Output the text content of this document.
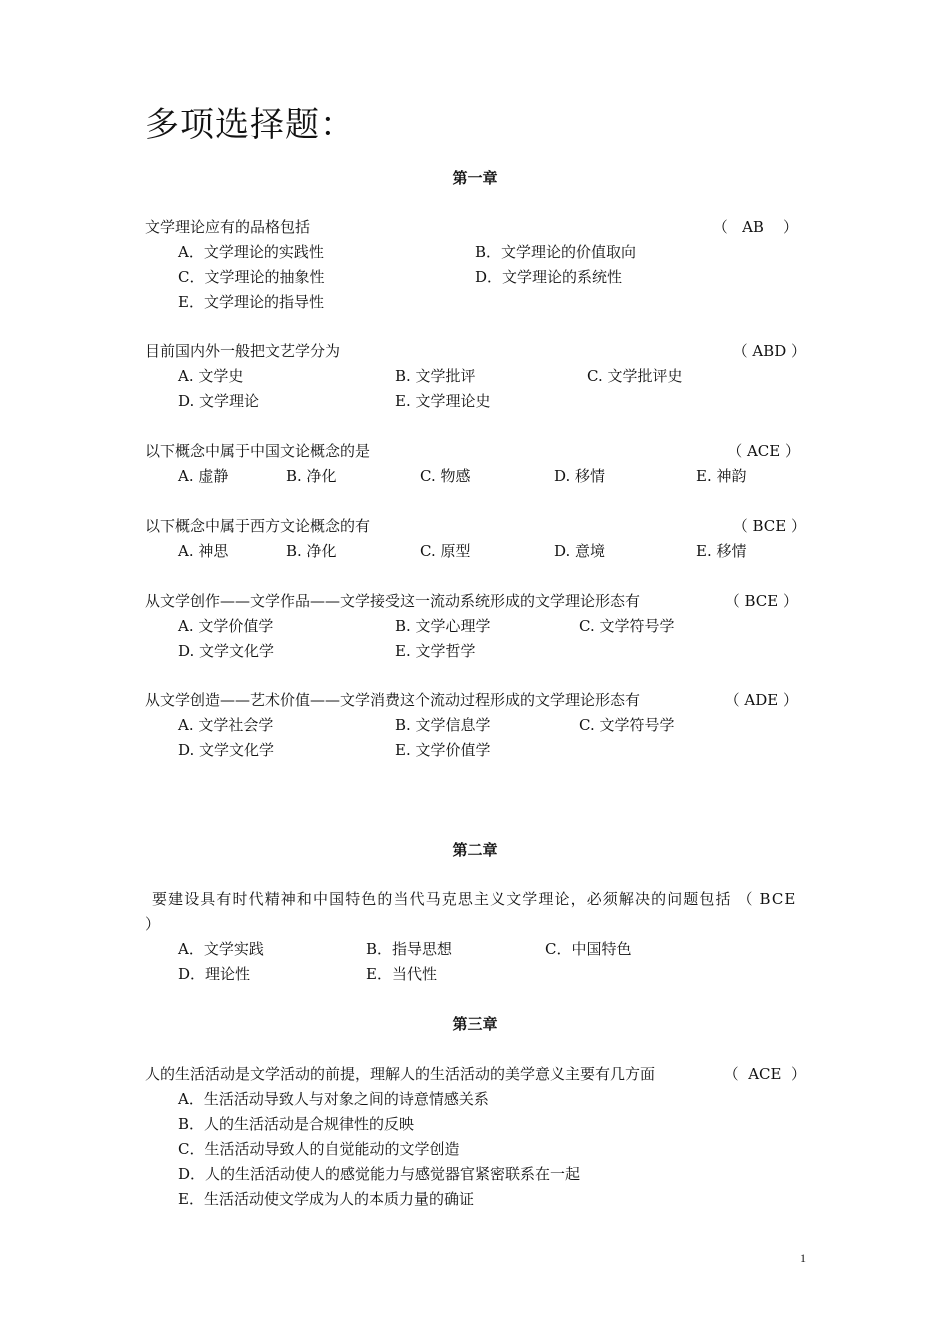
多项选择题：
第一章
文学理论应有的品格包括	（   AB    ）
A．文学理论的实践性	B．文学理论的价值取向
C．文学理论的抽象性	D．文学理论的系统性
E．文学理论的指导性
目前国内外一般把文艺学分为	（ ABD ）
A. 文学史	B. 文学批评	C. 文学批评史
D. 文学理论	E. 文学理论史
以下概念中属于中国文论概念的是	（ ACE ）
A. 虚静	B. 净化	C. 物感	D. 移情	E. 神韵
以下概念中属于西方文论概念的有	（ BCE ）
A. 神思	B. 净化	C. 原型	D. 意境	E. 移情
从文学创作——文学作品——文学接受这一流动系统形成的文学理论形态有	（ BCE ）
A. 文学价值学	B. 文学心理学	C. 文学符号学
D. 文学文化学	E. 文学哲学
从文学创造——艺术价值——文学消费这个流动过程形成的文学理论形态有	（ ADE ）
A. 文学社会学	B. 文学信息学	C. 文学符号学
D. 文学文化学	E. 文学价值学
第二章
要建设具有时代精神和中国特色的当代马克思主义文学理论，必须解决的问题包括 （ BCE ）
A．文学实践	B．指导思想	C．中国特色
D．理论性	E．当代性
第三章
人的生活活动是文学活动的前提，理解人的生活活动的美学意义主要有几方面	（  ACE  ）
A．生活活动导致人与对象之间的诗意情感关系
B．人的生活活动是合规律性的反映
C．生活活动导致人的自觉能动的文学创造
D．人的生活活动使人的感觉能力与感觉器官紧密联系在一起
E．生活活动使文学成为人的本质力量的确证
1
